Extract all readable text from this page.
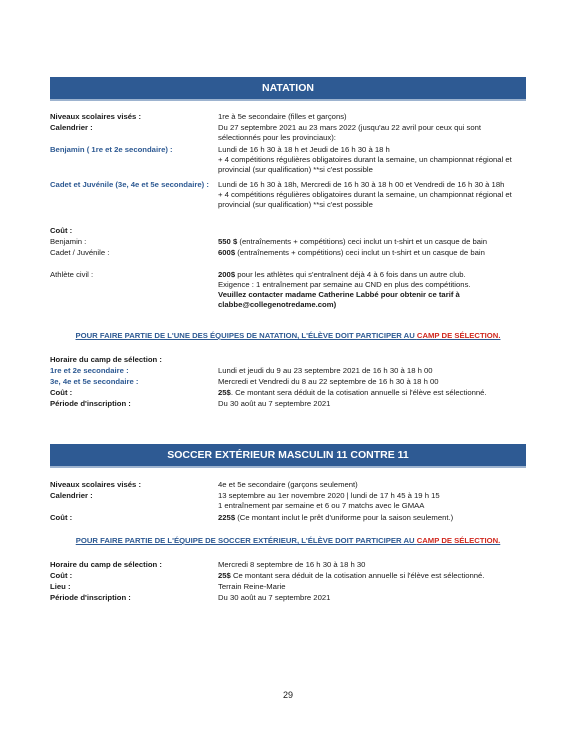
NATATION
Niveaux scolaires visés :	1re à 5e secondaire (filles et garçons)
Calendrier :	Du 27 septembre 2021 au 23 mars 2022 (jusqu'au 22 avril pour ceux qui sont sélectionnés pour les provinciaux):
Benjamin ( 1re et 2e secondaire) :	Lundi de 16 h 30 à 18 h et Jeudi de 16 h 30 à 18 h
+ 4 compétitions régulières obligatoires durant la semaine, un championnat régional et provincial (sur qualification) **si c'est possible
Cadet et Juvénile (3e, 4e et 5e secondaire) : Lundi de 16 h 30 à 18h, Mercredi de 16 h 30 à 18 h 00 et Vendredi de 16 h 30 à 18h
+ 4 compétitions régulières obligatoires durant la semaine, un championnat régional et provincial (sur qualification) **si c'est possible
Coût :
Benjamin :	550 $ (entraînements + compétitions) ceci inclut un t-shirt et un casque de bain
Cadet / Juvénile :	600$ (entraînements + compétitions) ceci inclut un t-shirt et un casque de bain
Athlète civil :	200$ pour les athlètes qui s'entraînent déjà 4 à 6 fois dans un autre club.
Exigence : 1 entraînement par semaine au CND en plus des compétitions.
Veuillez contacter madame Catherine Labbé pour obtenir ce tarif à clabbe@collegenotredame.com)
POUR FAIRE PARTIE DE L'UNE DES ÉQUIPES DE NATATION, L'ÉLÈVE DOIT PARTICIPER AU CAMP DE SÉLECTION.
Horaire du camp de sélection :
1re et 2e secondaire :	Lundi et jeudi du 9 au 23 septembre 2021 de 16 h 30 à 18 h 00
3e, 4e et 5e secondaire :	Mercredi et Vendredi du 8 au 22 septembre de 16 h 30 à 18 h 00
Coût :	25$. Ce montant sera déduit de la cotisation annuelle si l'élève est sélectionné.
Période d'inscription :	Du 30 août au 7 septembre 2021
SOCCER EXTÉRIEUR MASCULIN 11 CONTRE 11
Niveaux scolaires visés :	4e et 5e secondaire (garçons seulement)
Calendrier :	13 septembre au 1er novembre 2020 | lundi de 17 h 45 à 19 h 15
1 entraînement par semaine et 6 ou 7 matchs avec le GMAA
Coût :	225$ (Ce montant inclut le prêt d'uniforme pour la saison seulement.)
POUR FAIRE PARTIE DE L'ÉQUIPE DE SOCCER EXTÉRIEUR, L'ÉLÈVE DOIT PARTICIPER AU CAMP DE SÉLECTION.
Horaire du camp de sélection :	Mercredi 8 septembre de 16 h 30 à 18 h 30
Coût :	25$ Ce montant sera déduit de la cotisation annuelle si l'élève est sélectionné.
Lieu :	Terrain Reine-Marie
Période d'inscription :	Du 30 août au 7 septembre 2021
29
